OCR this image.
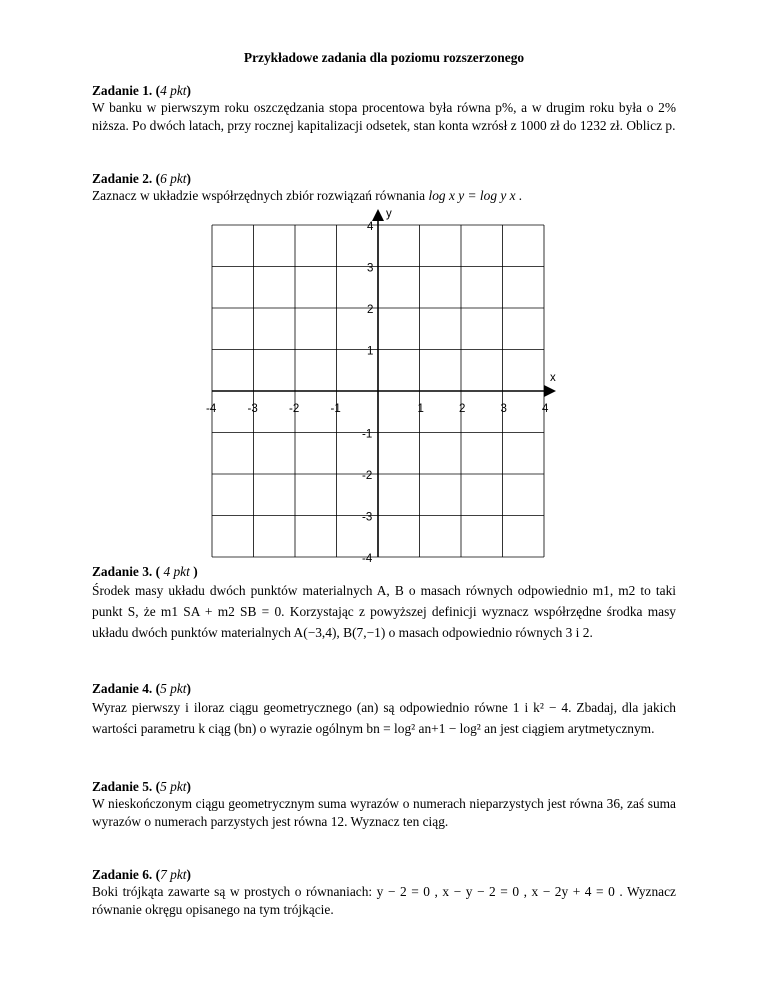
Przykładowe zadania dla poziomu rozszerzonego
Zadanie 1. (4 pkt)
W banku w pierwszym roku oszczędzania stopa procentowa była równa p%, a w drugim roku była o 2% niższa. Po dwóch latach, przy rocznej kapitalizacji odsetek, stan konta wzrósł z 1000 zł do 1232 zł. Oblicz p.
Zadanie 2. (6 pkt)
Zaznacz w układzie współrzędnych zbiór rozwiązań równania log x y = log y x .
x
y
-4	-3	-2	-1	1	2	3	4
4
3
2
1
-1
-2
-3
-4
Zadanie 3. ( 4 pkt )
Środek masy układu dwóch punktów materialnych A, B o masach równych odpowiednio m1, m2 to taki punkt S, że m1 SA + m2 SB = 0. Korzystając z powyższej definicji wyznacz współrzędne środka masy układu dwóch punktów materialnych A(−3,4), B(7,−1) o masach odpowiednio równych 3 i 2.
Zadanie 4. (5 pkt)
Wyraz pierwszy i iloraz ciągu geometrycznego (an) są odpowiednio równe 1 i k² − 4. Zbadaj, dla jakich wartości parametru k ciąg (bn) o wyrazie ogólnym bn = log² an+1 − log² an jest ciągiem arytmetycznym.
Zadanie 5. (5 pkt)
W nieskończonym ciągu geometrycznym suma wyrazów o numerach nieparzystych jest równa 36, zaś suma wyrazów o numerach parzystych jest równa 12. Wyznacz ten ciąg.
Zadanie 6. (7 pkt)
Boki trójkąta zawarte są w prostych o równaniach: y − 2 = 0 , x − y − 2 = 0 , x − 2y + 4 = 0 . Wyznacz równanie okręgu opisanego na tym trójkącie.
